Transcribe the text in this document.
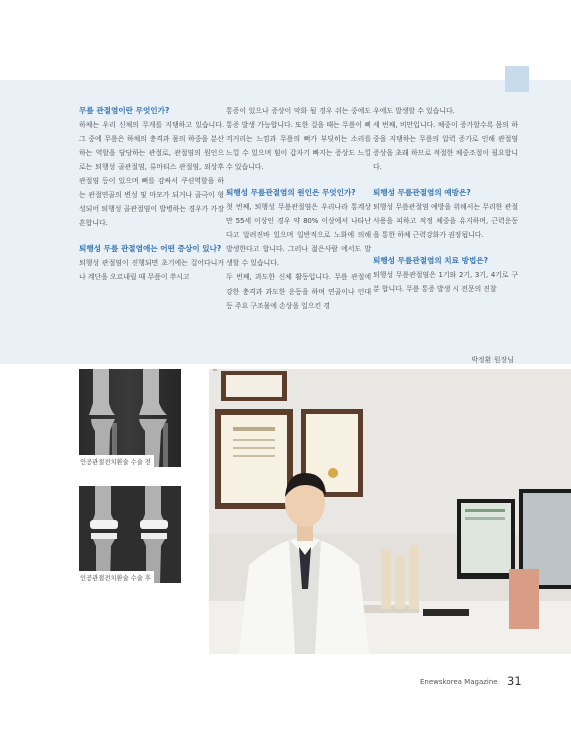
무릎 관절염이란 무엇인가?
하체는 우리 신체의 무게를 지탱하고 있습니다. 그 중에 무릎은 하체의 충격과 몸의 하중을 분산하는 역할을 담당하는 관절로, 관절염의 원인으로는 퇴행성 골관절염, 류마티스 관절염, 외상후 관절염 등이 있으며 뼈를 감싸서 쿠션역할을 하는 관절연골의 변성 및 마모가 되거나 골극이 형성되어 퇴행성 골관절염이 발병하는 경우가 가장 흔합니다.
퇴행성 무릎 관절염에는 어떤 증상이 있나?
퇴행성 관절염이 진행되면 초기에는 걸어다니거나 계단을 오르내릴 때 무릎이 쑤시고
통증이 있으나 증상이 악화 될 경우 쉬는 중에도 통증 발생 가능합니다. 또한 걸을 때는 무릎이 삐걱거리는 느낌과 무릎의 뼈가 부딪히는 소리를 느낄 수 있으며 힘이 갑자기 빠지는 증상도 느낄 수 있습니다.
퇴행성 무릎관절염의 원인은 무엇인가?
첫 번째, 퇴행성 무릎관절염은 우리나라 통계상 만 55세 이상인 경우 약 80% 이상에서 나타난다고 알려진바 있으며 일반적으로 노화에 의해 발생한다고 합니다. 그러나 젊은사람 에서도 발생할 수 있습니다.
두 번째, 과도한 신체 활동입니다. 무릎 관절에 강한 충격과 과도한 운동을 하며 연골이나 인대 등 주요 구조물에 손상을 일으킨 경
우에도 발생할 수 있습니다.
세 번째, 비만입니다. 체중이 증가할수록 몸의 하중을 지탱하는 무릎의 압력 증가로 인해 관절염 증상을 초래 하므로 적절한 체중조절이 필요합니다.
퇴행성 무릎관절염의 예방은?
퇴행성 무릎관절염 예방을 위해서는 무리한 관절 사용을 피하고 적정 체중을 유지하며, 근력운동을 통한 하체 근력강화가 권장됩니다.
퇴행성 무릎관절염의 치료 방법은?
퇴행성 무릎관절염은 1기와 2기, 3기, 4기로 구분 합니다. 무릎 통증 발생 시 전문의 진찰
박정환 원장님
인공관절전치환술 수술 전
인공관절전치환술 수술 후
Enewskorea Magazine 31
